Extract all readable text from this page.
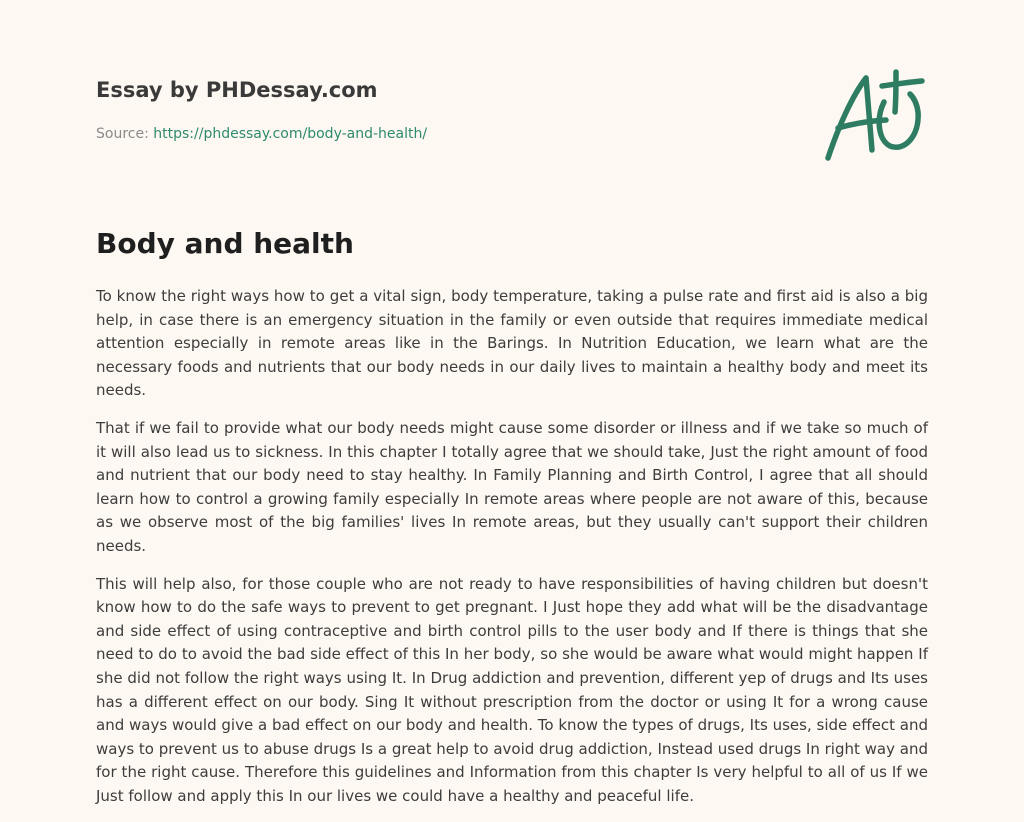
Essay by PHDessay.com
Source: https://phdessay.com/body-and-health/
Body and health

To know the right ways how to get a vital sign, body temperature, taking a pulse rate and first aid is also a big help, in case there is an emergency situation in the family or even outside that requires immediate medical attention especially in remote areas like in the Barings. In Nutrition Education, we learn what are the necessary foods and nutrients that our body needs in our daily lives to maintain a healthy body and meet its needs.

That if we fail to provide what our body needs might cause some disorder or illness and if we take so much of it will also lead us to sickness. In this chapter I totally agree that we should take, Just the right amount of food and nutrient that our body need to stay healthy. In Family Planning and Birth Control, I agree that all should learn how to control a growing family especially In remote areas where people are not aware of this, because as we observe most of the big families' lives In remote areas, but they usually can't support their children needs.

This will help also, for those couple who are not ready to have responsibilities of having children but doesn't know how to do the safe ways to prevent to get pregnant. I Just hope they add what will be the disadvantage and side effect of using contraceptive and birth control pills to the user body and If there is things that she need to do to avoid the bad side effect of this In her body, so she would be aware what would might happen If she did not follow the right ways using It. In Drug addiction and prevention, different yep of drugs and Its uses has a different effect on our body. Sing It without prescription from the doctor or using It for a wrong cause and ways would give a bad effect on our body and health. To know the types of drugs, Its uses, side effect and ways to prevent us to abuse drugs Is a great help to avoid drug addiction, Instead used drugs In right way and for the right cause. Therefore this guidelines and Information from this chapter Is very helpful to all of us If we Just follow and apply this In our lives we could have a healthy and peaceful life.
